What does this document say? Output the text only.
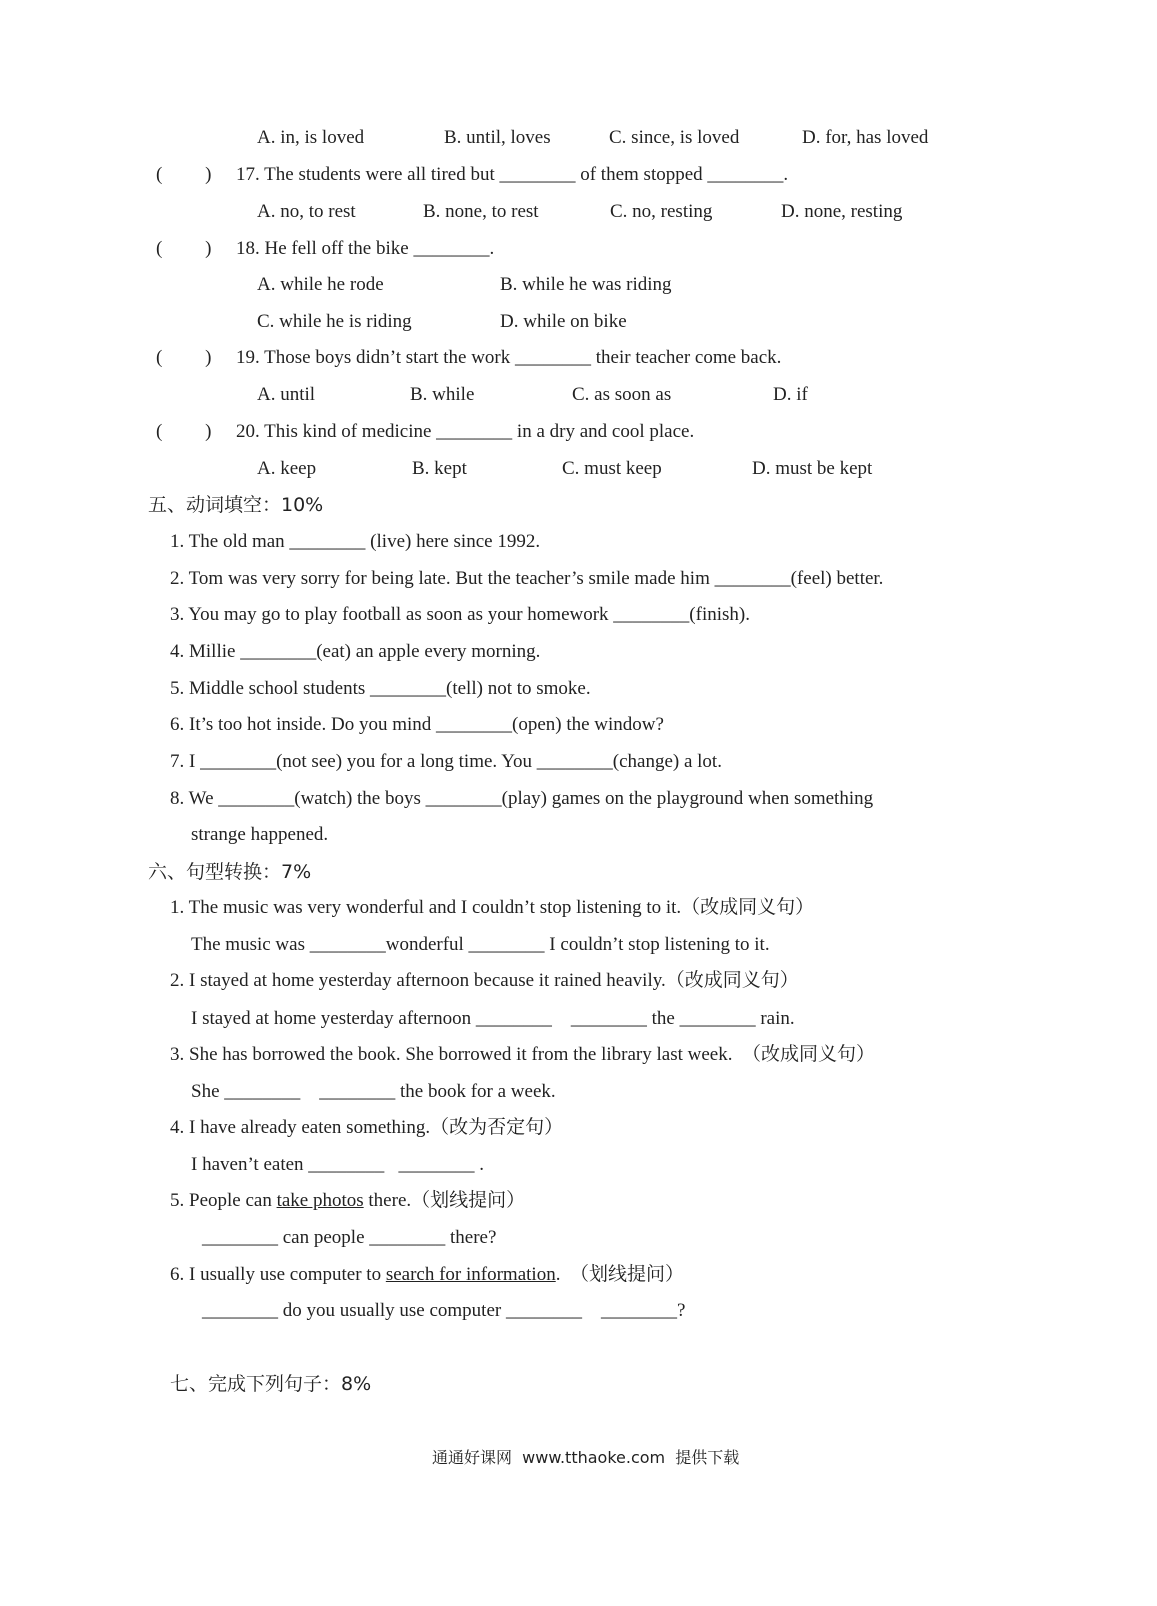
A. in, is loved	B. until, loves	C. since, is loved	D. for, has loved
(         ) 17. The students were all tired but ________ of them stopped ________.
A. no, to rest	B. none, to rest	C. no, resting	D. none, resting
(         ) 18. He fell off the bike ________.
A. while he rode	B. while he was riding
C. while he is riding	D. while on bike
(         ) 19. Those boys didn’t start the work ________ their teacher come back.
A. until	B. while	C. as soon as	D. if
(         ) 20. This kind of medicine ________ in a dry and cool place.
A. keep	B. kept	C. must keep	D. must be kept
五、动词填空：10%
1. The old man ________ (live) here since 1992.
2. Tom was very sorry for being late. But the teacher’s smile made him ________(feel) better.
3. You may go to play football as soon as your homework ________(finish).
4. Millie ________(eat) an apple every morning.
5. Middle school students ________(tell) not to smoke.
6. It’s too hot inside. Do you mind ________(open) the window?
7. I ________(not see) you for a long time. You ________(change) a lot.
8. We ________(watch) the boys ________(play) games on the playground when something
strange happened.
六、句型转换：7%
1. The music was very wonderful and I couldn’t stop listening to it.（改成同义句）
The music was ________wonderful ________ I couldn’t stop listening to it.
2. I stayed at home yesterday afternoon because it rained heavily.（改成同义句）
I stayed at home yesterday afternoon ________    ________ the ________ rain.
3. She has borrowed the book. She borrowed it from the library last week.  （改成同义句）
She ________    ________ the book for a week.
4. I have already eaten something.（改为否定句）
I haven’t eaten ________   ________ .
5. People can take photos there.（划线提问）
________ can people ________ there?
6. I usually use computer to search for information.  （划线提问）
________ do you usually use computer ________    ________?
七、完成下列句子：8%
通通好课网  www.tthaoke.com  提供下载
